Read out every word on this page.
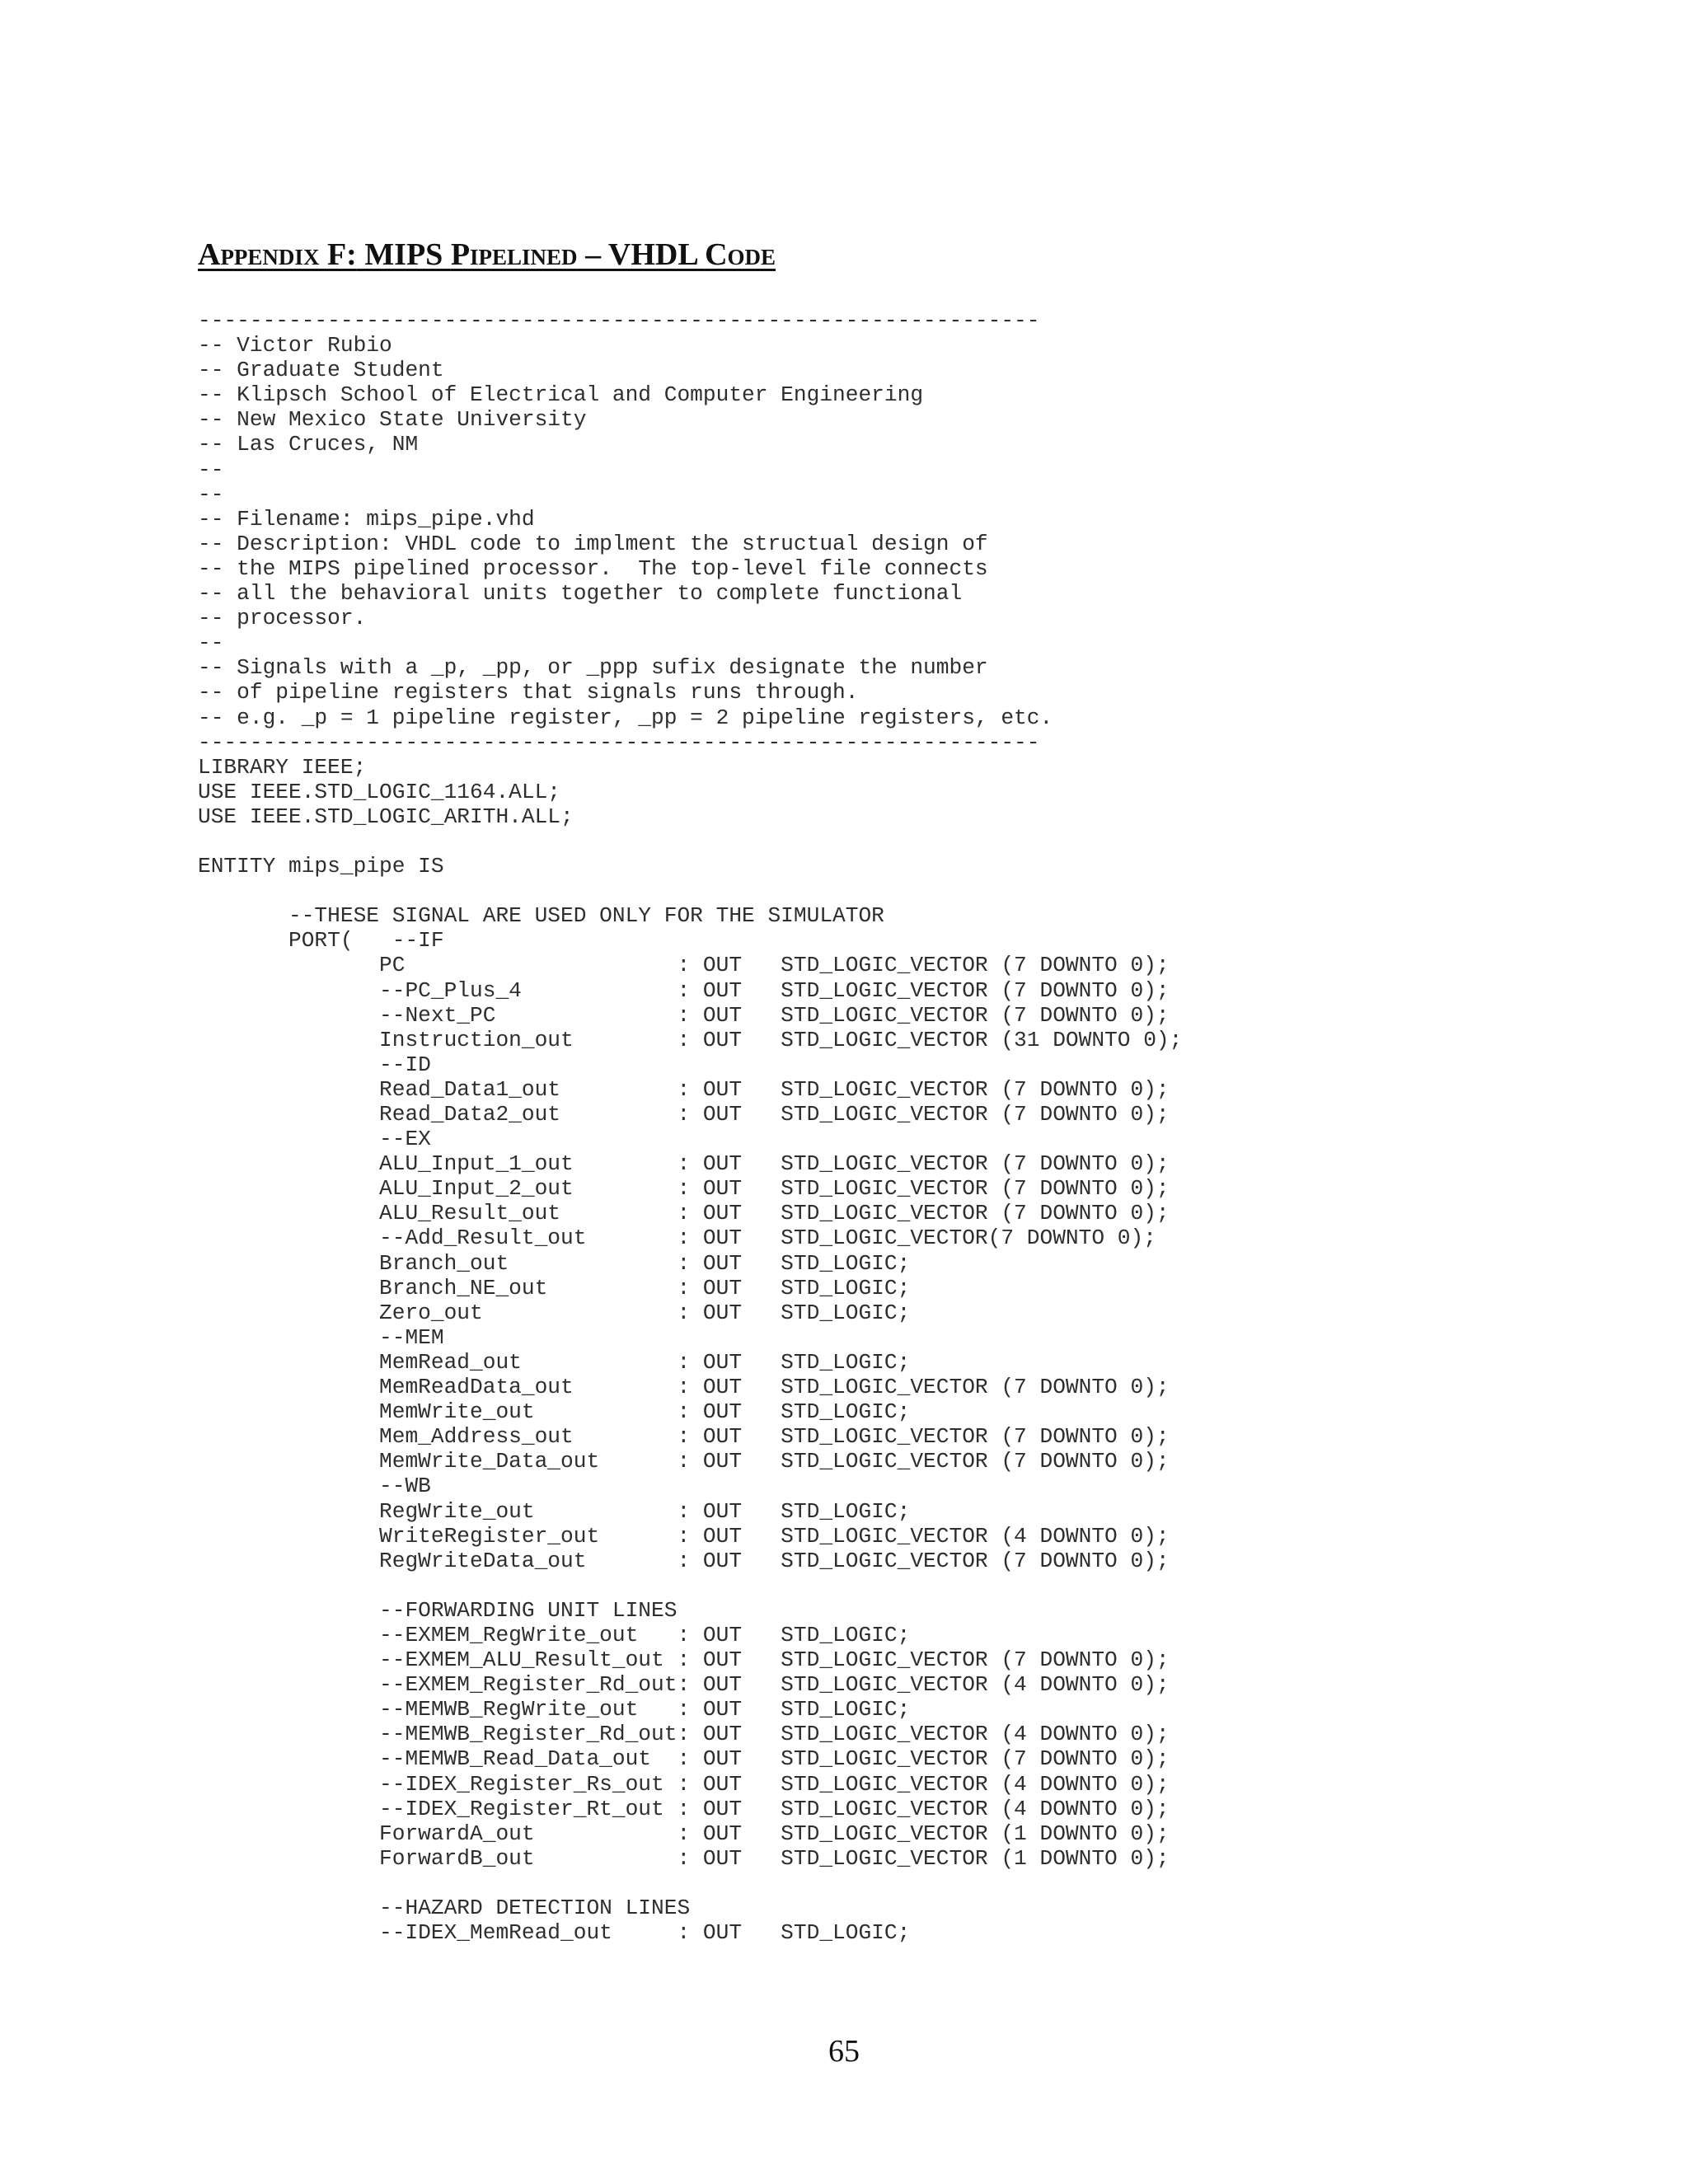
Appendix F: MIPS Pipelined – VHDL Code
-----------------------------------------------------------------
-- Victor Rubio
-- Graduate Student
-- Klipsch School of Electrical and Computer Engineering
-- New Mexico State University
-- Las Cruces, NM
--
--
-- Filename: mips_pipe.vhd
-- Description: VHDL code to implment the structual design of
-- the MIPS pipelined processor.  The top-level file connects
-- all the behavioral units together to complete functional
-- processor.
--
-- Signals with a _p, _pp, or _ppp sufix designate the number
-- of pipeline registers that signals runs through.
-- e.g. _p = 1 pipeline register, _pp = 2 pipeline registers, etc.
-----------------------------------------------------------------
LIBRARY IEEE;
USE IEEE.STD_LOGIC_1164.ALL;
USE IEEE.STD_LOGIC_ARITH.ALL;
ENTITY mips_pipe IS
--THESE SIGNAL ARE USED ONLY FOR THE SIMULATOR
PORT(   --IF
PC                     : OUT   STD_LOGIC_VECTOR (7 DOWNTO 0);
--PC_Plus_4            : OUT   STD_LOGIC_VECTOR (7 DOWNTO 0);
--Next_PC              : OUT   STD_LOGIC_VECTOR (7 DOWNTO 0);
Instruction_out        : OUT   STD_LOGIC_VECTOR (31 DOWNTO 0);
--ID
Read_Data1_out         : OUT   STD_LOGIC_VECTOR (7 DOWNTO 0);
Read_Data2_out         : OUT   STD_LOGIC_VECTOR (7 DOWNTO 0);
--EX
ALU_Input_1_out        : OUT   STD_LOGIC_VECTOR (7 DOWNTO 0);
ALU_Input_2_out        : OUT   STD_LOGIC_VECTOR (7 DOWNTO 0);
ALU_Result_out         : OUT   STD_LOGIC_VECTOR (7 DOWNTO 0);
--Add_Result_out       : OUT   STD_LOGIC_VECTOR(7 DOWNTO 0);
Branch_out             : OUT   STD_LOGIC;
Branch_NE_out          : OUT   STD_LOGIC;
Zero_out               : OUT   STD_LOGIC;
--MEM
MemRead_out            : OUT   STD_LOGIC;
MemReadData_out        : OUT   STD_LOGIC_VECTOR (7 DOWNTO 0);
MemWrite_out           : OUT   STD_LOGIC;
Mem_Address_out        : OUT   STD_LOGIC_VECTOR (7 DOWNTO 0);
MemWrite_Data_out      : OUT   STD_LOGIC_VECTOR (7 DOWNTO 0);
--WB
RegWrite_out           : OUT   STD_LOGIC;
WriteRegister_out      : OUT   STD_LOGIC_VECTOR (4 DOWNTO 0);
RegWriteData_out       : OUT   STD_LOGIC_VECTOR (7 DOWNTO 0);
--FORWARDING UNIT LINES
--EXMEM_RegWrite_out   : OUT   STD_LOGIC;
--EXMEM_ALU_Result_out : OUT   STD_LOGIC_VECTOR (7 DOWNTO 0);
--EXMEM_Register_Rd_out: OUT   STD_LOGIC_VECTOR (4 DOWNTO 0);
--MEMWB_RegWrite_out   : OUT   STD_LOGIC;
--MEMWB_Register_Rd_out: OUT   STD_LOGIC_VECTOR (4 DOWNTO 0);
--MEMWB_Read_Data_out  : OUT   STD_LOGIC_VECTOR (7 DOWNTO 0);
--IDEX_Register_Rs_out : OUT   STD_LOGIC_VECTOR (4 DOWNTO 0);
--IDEX_Register_Rt_out : OUT   STD_LOGIC_VECTOR (4 DOWNTO 0);
ForwardA_out           : OUT   STD_LOGIC_VECTOR (1 DOWNTO 0);
ForwardB_out           : OUT   STD_LOGIC_VECTOR (1 DOWNTO 0);
--HAZARD DETECTION LINES
--IDEX_MemRead_out     : OUT   STD_LOGIC;
65
